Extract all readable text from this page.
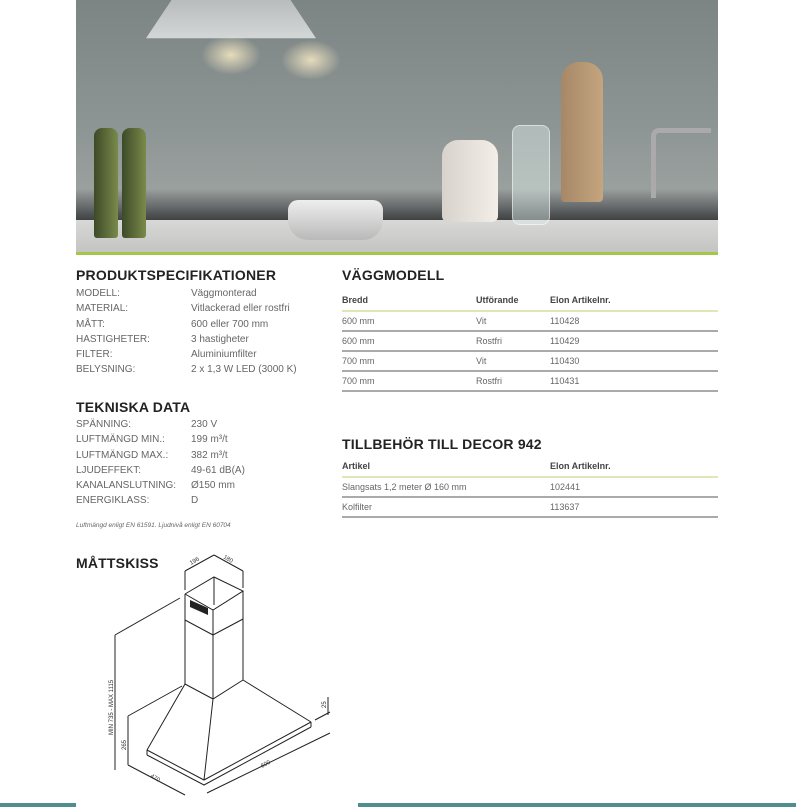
PRODUKTSPECIFIKATIONER
MODELL:	Väggmonterad
MATERIAL:	Vitlackerad eller rostfri
MÅTT:	600 eller 700 mm
HASTIGHETER:	3 hastigheter
FILTER:	Aluminiumfilter
BELYSNING:	2 x 1,3 W LED (3000 K)
TEKNISKA DATA
SPÄNNING:	230 V
LUFTMÄNGD MIN.:	199 m³/t
LUFTMÄNGD MAX.:	382 m³/t
LJUDEFFEKT:	49-61 dB(A)
KANALANSLUTNING:	Ø150 mm
ENERGIKLASS:	D
Luftmängd enligt EN 61591. Ljudnivå enligt EN 60704
VÄGGMODELL
Bredd	Utförande	Elon Artikelnr.
600 mm	Vit	110428
600 mm	Rostfri	110429
700 mm	Vit	110430
700 mm	Rostfri	110431
TILLBEHÖR TILL DECOR 942
Artikel	Elon Artikelnr.
Slangsats 1,2 meter Ø 160 mm	102441
Kolfilter	113637
MÅTTSKISS	196	180
MIN 735 - MAX 1115
265
470
600
25
